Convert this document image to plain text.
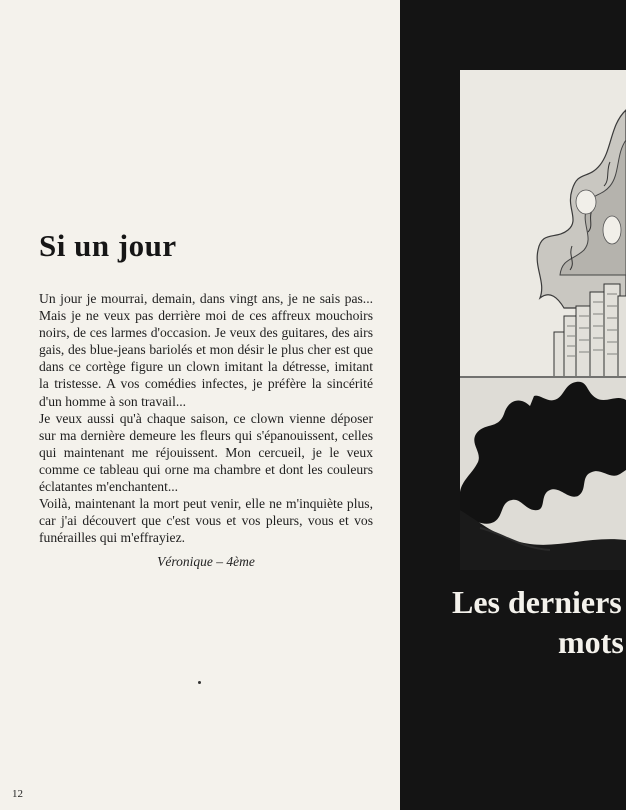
Si un jour

Un jour je mourrai, demain, dans vingt ans, je ne sais pas... Mais je ne veux pas derrière moi de ces affreux mouchoirs noirs, de ces larmes d'occasion. Je veux des guitares, des airs gais, des blue-jeans bariolés et mon désir le plus cher est que dans ce cortège figure un clown imitant la détresse, imitant la tristesse. A vos comédies infectes, je préfère la sincérité d'un homme à son travail...

Je veux aussi qu'à chaque saison, ce clown vienne déposer sur ma dernière demeure les fleurs qui s'épanouissent, celles qui maintenant me réjouissent. Mon cercueil, je le veux comme ce tableau qui orne ma chambre et dont les couleurs éclatantes m'enchantent...

Voilà, maintenant la mort peut venir, elle ne m'inquiète plus, car j'ai découvert que c'est vous et vos pleurs, vous et vos funérailles qui m'effrayiez.

Véronique – 4ème
12
Les derniers
mots
